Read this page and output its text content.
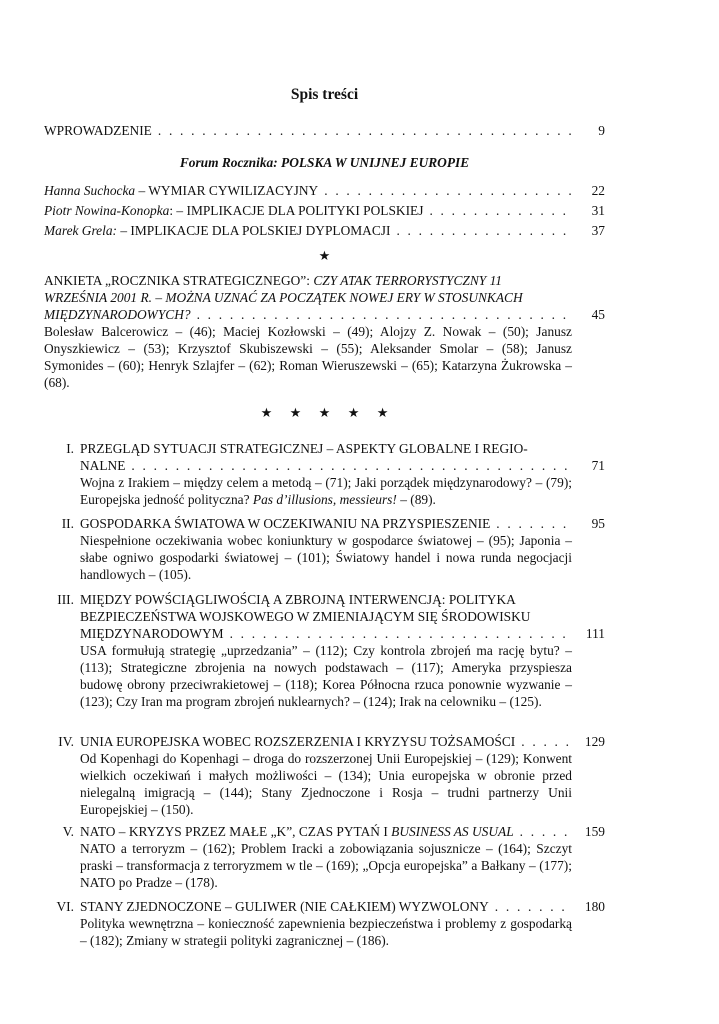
Spis treści
WPROWADZENIE . . .	9
Forum Rocznika: POLSKA W UNIJNEJ EUROPIE
Hanna Suchocka – WYMIAR CYWILIZACYJNY . . .	22
Piotr Nowina-Konopka: – IMPLIKACJE DLA POLITYKI POLSKIEJ . . .	31
Marek Grela: – IMPLIKACJE DLA POLSKIEJ DYPLOMACJI . . .	37
★
ANKIETA „ROCZNIKA STRATEGICZNEGO”: CZY ATAK TERRORYSTYCZNY 11
WRZEŚNIA 2001 R. – MOŻNA UZNAĆ ZA POCZĄTEK NOWEJ ERY W STOSUNKACH
MIĘDZYNARODOWYCH? . . .	45
Bolesław Balcerowicz – (46); Maciej Kozłowski – (49); Alojzy Z. Nowak – (50); Janusz Onyszkiewicz – (53); Krzysztof Skubiszewski – (55); Aleksander Smolar – (58); Janusz Symonides – (60); Henryk Szlajfer – (62); Roman Wieruszewski – (65); Katarzyna Żukrowska – (68).
★ ★ ★ ★ ★
I. PRZEGLĄD SYTUACJI STRATEGICZNEJ – ASPEKTY GLOBALNE I REGIO-
NALNE . . .	71
Wojna z Irakiem – między celem a metodą – (71); Jaki porządek międzynarodowy? – (79); Europejska jedność polityczna? Pas d’illusions, messieurs! – (89).
II. GOSPODARKA ŚWIATOWA W OCZEKIWANIU NA PRZYSPIESZENIE . . .	95
Niespełnione oczekiwania wobec koniunktury w gospodarce światowej – (95); Japonia – słabe ogniwo gospodarki światowej – (101); Światowy handel i nowa runda negocjacji handlowych – (105).
III. MIĘDZY POWŚCIĄGLIWOŚCIĄ A ZBROJNĄ INTERWENCJĄ: POLITYKA
BEZPIECZEŃSTWA WOJSKOWEGO W ZMIENIAJĄCYM SIĘ ŚRODOWISKU
MIĘDZYNARODOWYM . . .	111
USA formułują strategię „uprzedzania” – (112); Czy kontrola zbrojeń ma rację bytu? – (113); Strategiczne zbrojenia na nowych podstawach – (117); Ameryka przyspiesza budowę obrony przeciwrakietowej – (118); Korea Północna rzuca ponownie wyzwanie – (123); Czy Iran ma program zbrojeń nuklearnych? – (124); Irak na celowniku – (125).
IV. UNIA EUROPEJSKA WOBEC ROZSZERZENIA I KRYZYSU TOŻSAMOŚCI . . .	129
Od Kopenhagi do Kopenhagi – droga do rozszerzonej Unii Europejskiej – (129); Konwent wielkich oczekiwań i małych możliwości – (134); Unia europejska w obronie przed nielegalną imigracją – (144); Stany Zjednoczone i Rosja – trudni partnerzy Unii Europejskiej – (150).
V. NATO – KRYZYS PRZEZ MAŁE „K”, CZAS PYTAŃ I BUSINESS AS USUAL . . .	159
NATO a terroryzm – (162); Problem Iracki a zobowiązania sojusznicze – (164); Szczyt praski – transformacja z terroryzmem w tle – (169); „Opcja europejska” a Bałkany – (177); NATO po Pradze – (178).
VI. STANY ZJEDNOCZONE – GULIWER (NIE CAŁKIEM) WYZWOLONY . . .	180
Polityka wewnętrzna – konieczność zapewnienia bezpieczeństwa i problemy z gospodarką – (182); Zmiany w strategii polityki zagranicznej – (186).
